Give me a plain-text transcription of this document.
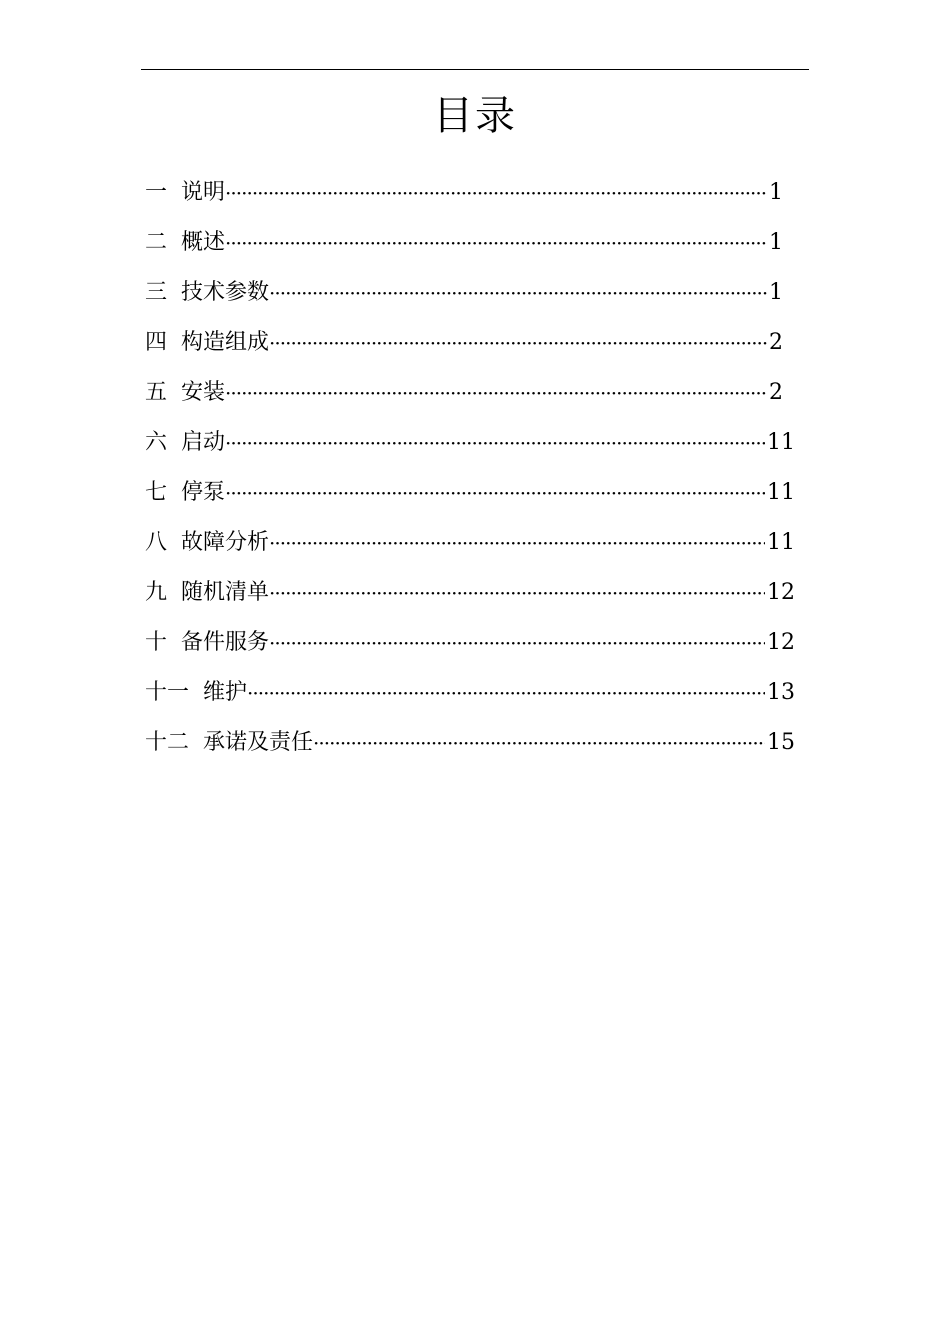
目录
一 说明 ·····	1
二 概述 ·····	1
三 技术参数 ·····	1
四 构造组成 ·····	2
五 安装 ·····	2
六 启动 ·····	11
七 停泵 ·····	11
八 故障分析 ·····	11
九 随机清单 ·····	12
十 备件服务 ·····	12
十一 维护 ·····	13
十二 承诺及责任 ·····	15
